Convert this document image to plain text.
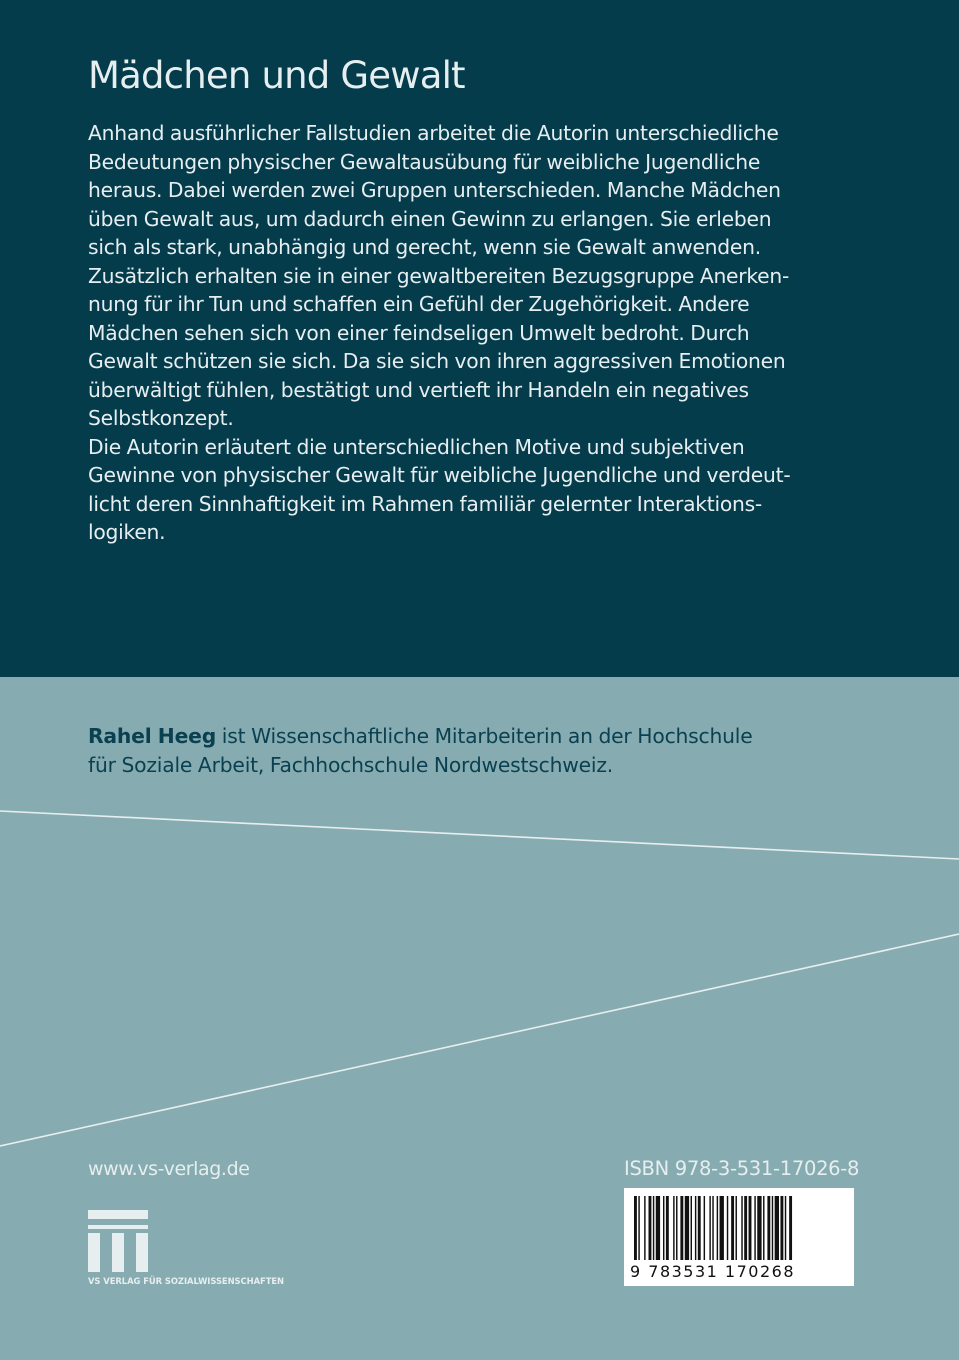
Mädchen und Gewalt
Anhand ausführlicher Fallstudien arbeitet die Autorin unterschiedliche
Bedeutungen physischer Gewaltausübung für weibliche Jugendliche
heraus. Dabei werden zwei Gruppen unterschieden. Manche Mädchen
üben Gewalt aus, um dadurch einen Gewinn zu erlangen. Sie erleben
sich als stark, unabhängig und gerecht, wenn sie Gewalt anwenden.
Zusätzlich erhalten sie in einer gewaltbereiten Bezugsgruppe Anerken-
nung für ihr Tun und schaffen ein Gefühl der Zugehörigkeit. Andere
Mädchen sehen sich von einer feindseligen Umwelt bedroht. Durch
Gewalt schützen sie sich. Da sie sich von ihren aggressiven Emotionen
überwältigt fühlen, bestätigt und vertieft ihr Handeln ein negatives
Selbstkonzept.
Die Autorin erläutert die unterschiedlichen Motive und subjektiven
Gewinne von physischer Gewalt für weibliche Jugendliche und verdeut-
licht deren Sinnhaftigkeit im Rahmen familiär gelernter Interaktions-
logiken.
Rahel Heeg ist Wissenschaftliche Mitarbeiterin an der Hochschule
für Soziale Arbeit, Fachhochschule Nordwestschweiz.
www.vs-verlag.de
VS VERLAG FÜR SOZIALWISSENSCHAFTEN
ISBN 978-3-531-17026-8
9 783531 170268
